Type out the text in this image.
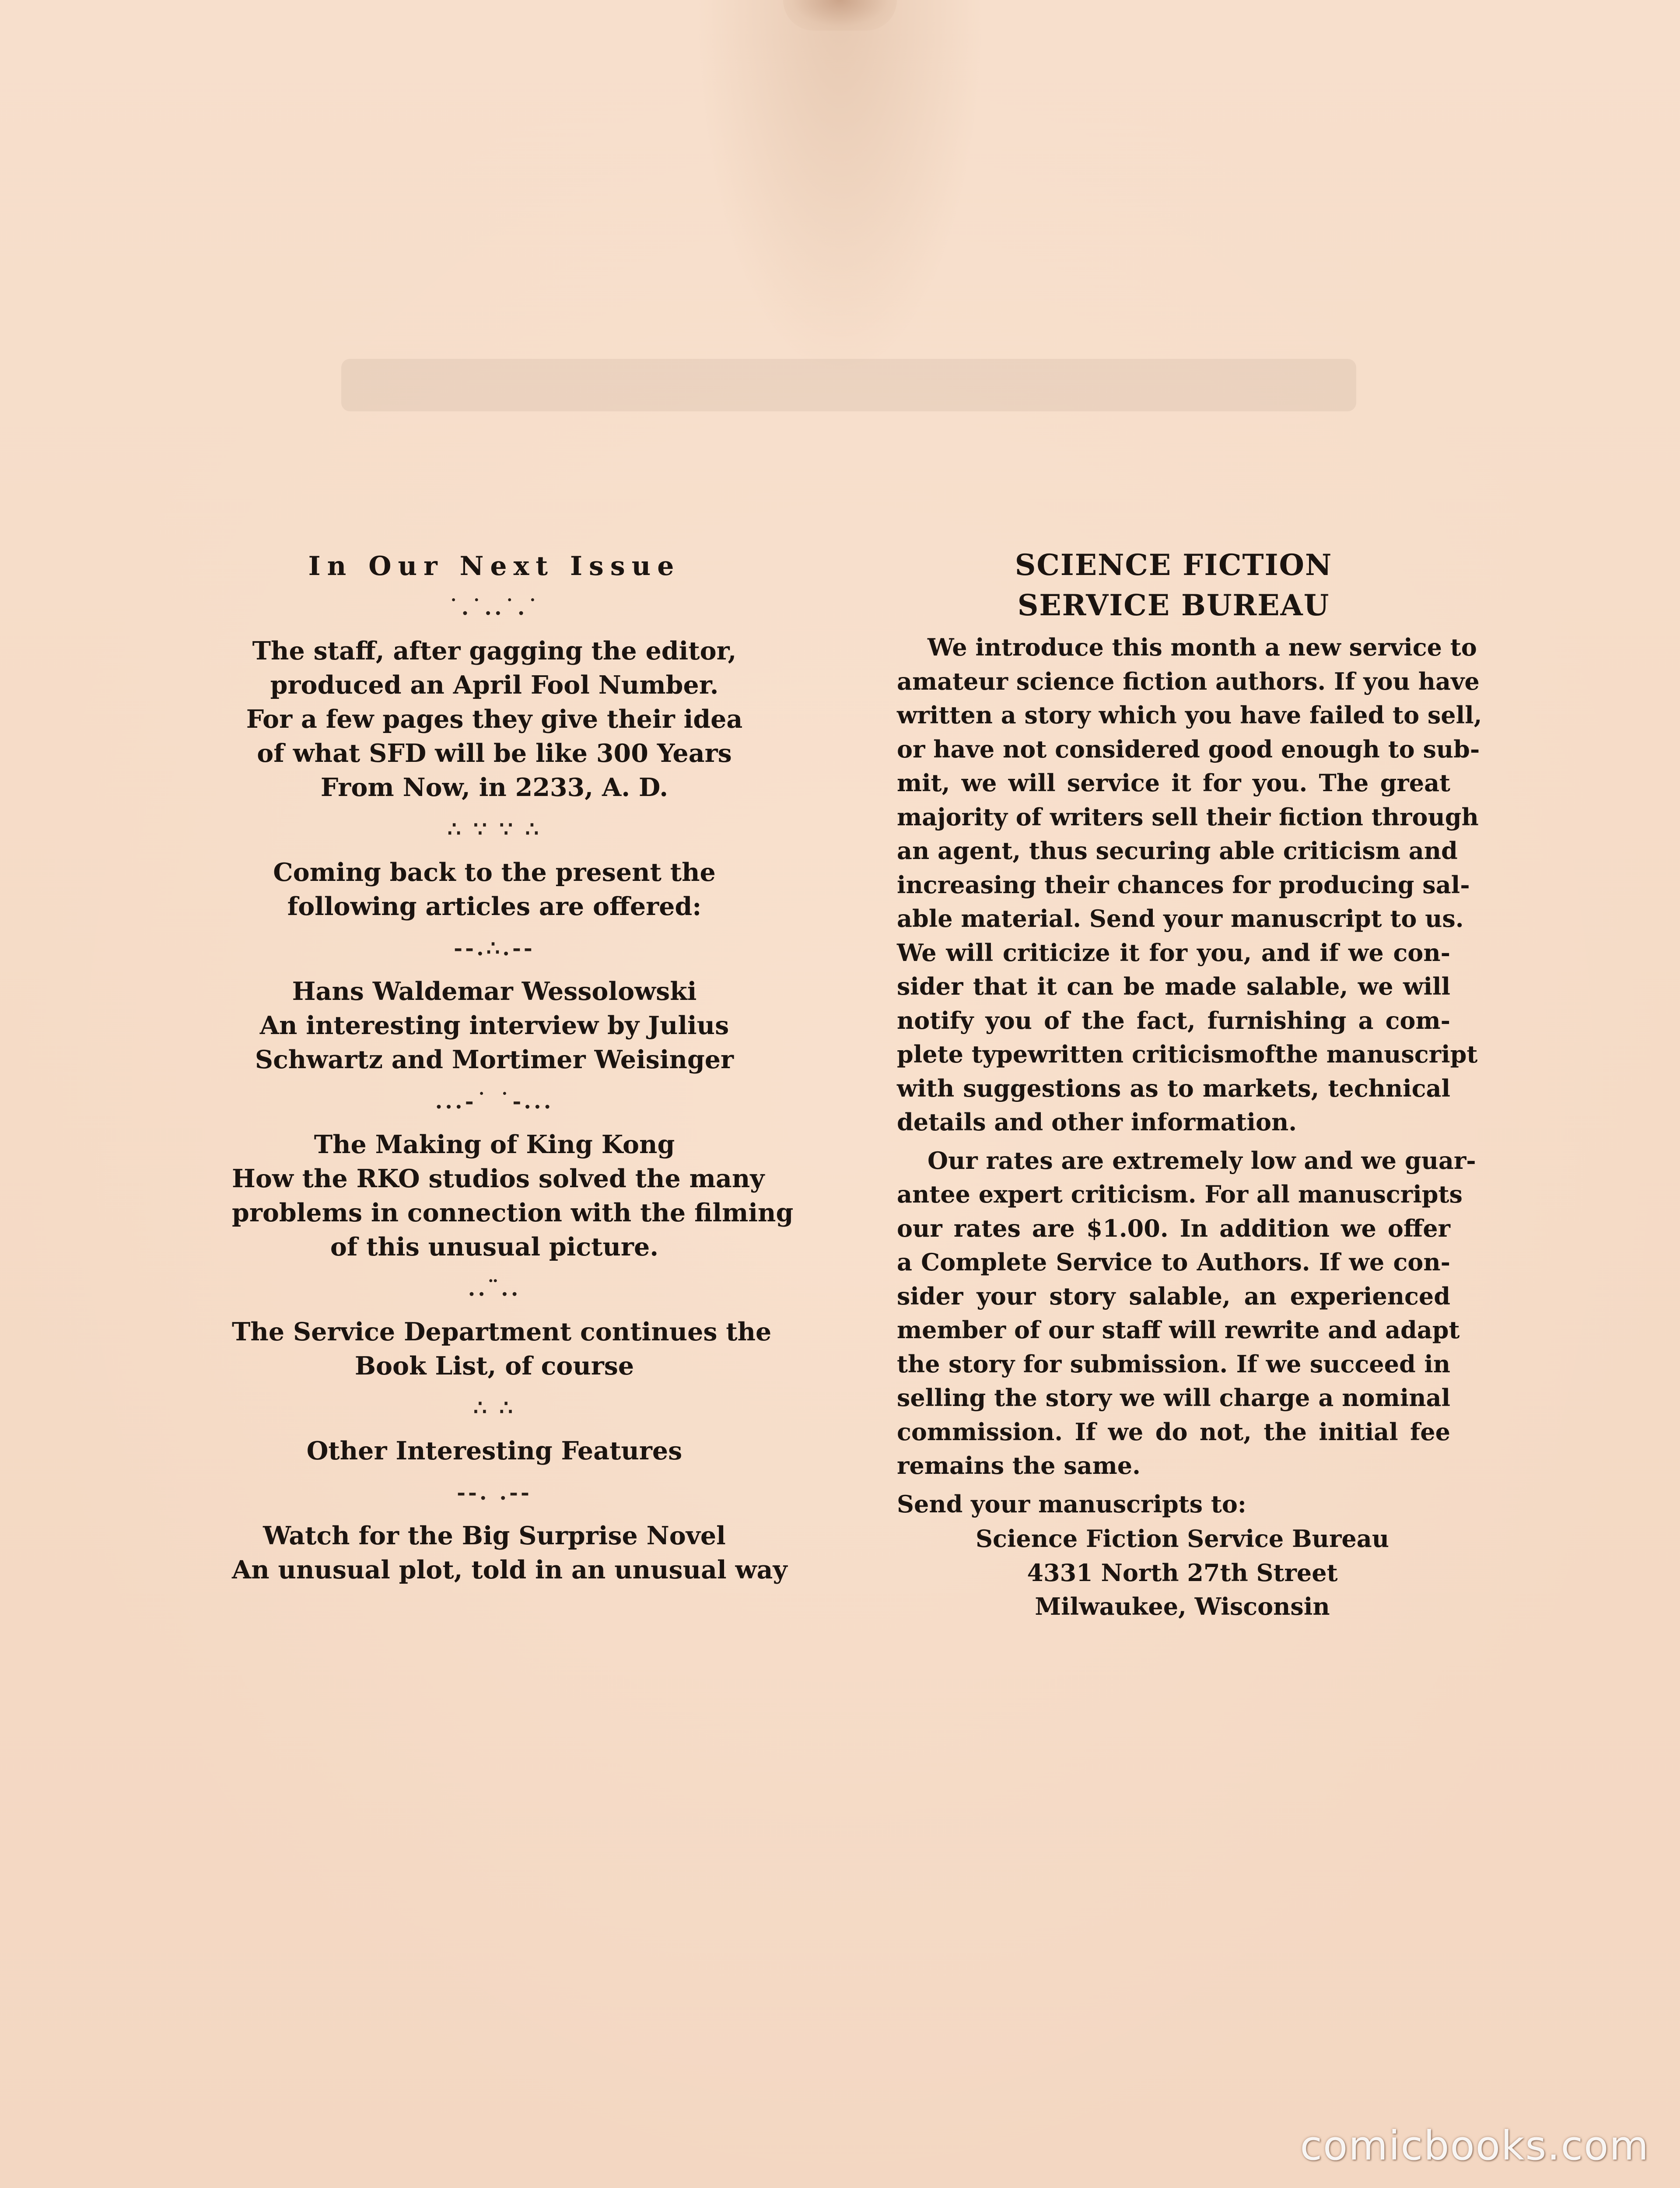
In Our Next Issue
˙.˙..˙.˙
The staff, after gagging the editor,
produced an April Fool Number.
For a few pages they give their idea
of what SFD will be like 300 Years
From Now, in 2233, A. D.
∴ ∵ ∵ ∴
Coming back to the present the
following articles are offered:
--.∴.--
Hans Waldemar Wessolowski
An interesting interview by Julius
Schwartz and Mortimer Weisinger
...-˙ ˙-...
The Making of King Kong
How the RKO studios solved the many
problems in connection with the filming
of this unusual picture.
..¨..
The Service Department continues the
Book List, of course
∴ ∴
Other Interesting Features
--. .--
Watch for the Big Surprise Novel
An unusual plot, told in an unusual way
SCIENCE FICTION
SERVICE BUREAU
We introduce this month a new service to
amateur science fiction authors. If you have
written a story which you have failed to sell,
or have not considered good enough to sub-
mit, we will service it for you. The great
majority of writers sell their fiction through
an agent, thus securing able criticism and
increasing their chances for producing sal-
able material. Send your manuscript to us.
We will criticize it for you, and if we con-
sider that it can be made salable, we will
notify you of the fact, furnishing a com-
plete typewritten criticismofthe manuscript
with suggestions as to markets, technical
details and other information.
Our rates are extremely low and we guar-
antee expert criticism. For all manuscripts
our rates are $1.00. In addition we offer
a Complete Service to Authors. If we con-
sider your story salable, an experienced
member of our staff will rewrite and adapt
the story for submission. If we succeed in
selling the story we will charge a nominal
commission. If we do not, the initial fee
remains the same.
Send your manuscripts to:
Science Fiction Service Bureau
4331 North 27th Street
Milwaukee, Wisconsin
comicbooks.com
